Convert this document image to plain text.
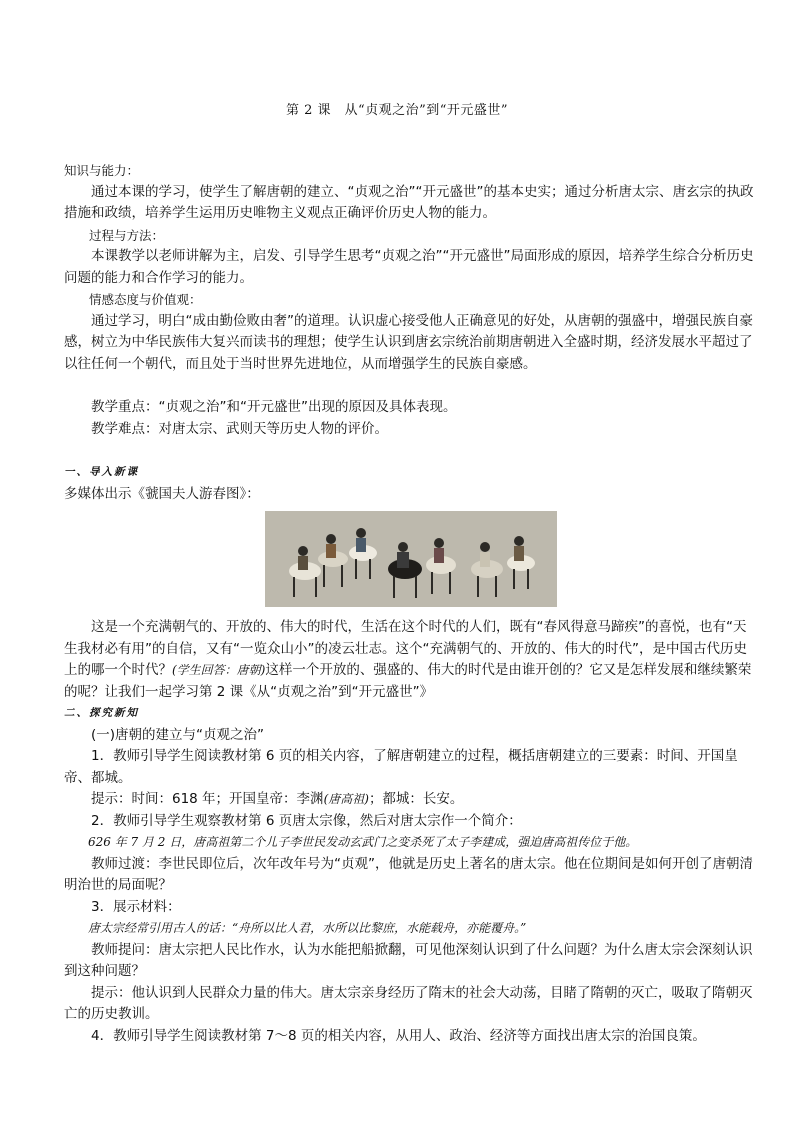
第 2 课　从“贞观之治”到“开元盛世”

知识与能力：

通过本课的学习，使学生了解唐朝的建立、“贞观之治”“开元盛世”的基本史实；通过分析唐太宗、唐玄宗的执政措施和政绩，培养学生运用历史唯物主义观点正确评价历史人物的能力。

过程与方法：

本课教学以老师讲解为主，启发、引导学生思考“贞观之治”“开元盛世”局面形成的原因，培养学生综合分析历史问题的能力和合作学习的能力。

情感态度与价值观：

通过学习，明白“成由勤俭败由奢”的道理。认识虚心接受他人正确意见的好处，从唐朝的强盛中，增强民族自豪感，树立为中华民族伟大复兴而读书的理想；使学生认识到唐玄宗统治前期唐朝进入全盛时期，经济发展水平超过了以往任何一个朝代，而且处于当时世界先进地位，从而增强学生的民族自豪感。

教学重点：“贞观之治”和“开元盛世”出现的原因及具体表现。

教学难点：对唐太宗、武则天等历史人物的评价。

一、导入新课

多媒体出示《虢国夫人游春图》：

这是一个充满朝气的、开放的、伟大的时代，生活在这个时代的人们，既有“春风得意马蹄疾”的喜悦，也有“天生我材必有用”的自信，又有“一览众山小”的凌云壮志。这个“充满朝气的、开放的、伟大的时代”，是中国古代历史上的哪一个时代？(学生回答：唐朝)这样一个开放的、强盛的、伟大的时代是由谁开创的？它又是怎样发展和继续繁荣的呢？让我们一起学习第 2 课《从“贞观之治”到“开元盛世”》

二、探究新知

(一)唐朝的建立与“贞观之治”

1．教师引导学生阅读教材第 6 页的相关内容，了解唐朝建立的过程，概括唐朝建立的三要素：时间、开国皇帝、都城。

提示：时间：618 年；开国皇帝：李渊(唐高祖)；都城：长安。

2．教师引导学生观察教材第 6 页唐太宗像，然后对唐太宗作一个简介：

626 年 7 月 2 日，唐高祖第二个儿子李世民发动玄武门之变杀死了太子李建成，强迫唐高祖传位于他。

教师过渡：李世民即位后，次年改年号为“贞观”，他就是历史上著名的唐太宗。他在位期间是如何开创了唐朝清明治世的局面呢？

3．展示材料：

唐太宗经常引用古人的话：“舟所以比人君，水所以比黎庶，水能载舟，亦能覆舟。”

教师提问：唐太宗把人民比作水，认为水能把船掀翻，可见他深刻认识到了什么问题？为什么唐太宗会深刻认识到这种问题？

提示：他认识到人民群众力量的伟大。唐太宗亲身经历了隋末的社会大动荡，目睹了隋朝的灭亡，吸取了隋朝灭亡的历史教训。

4．教师引导学生阅读教材第 7～8 页的相关内容，从用人、政治、经济等方面找出唐太宗的治国良策。
